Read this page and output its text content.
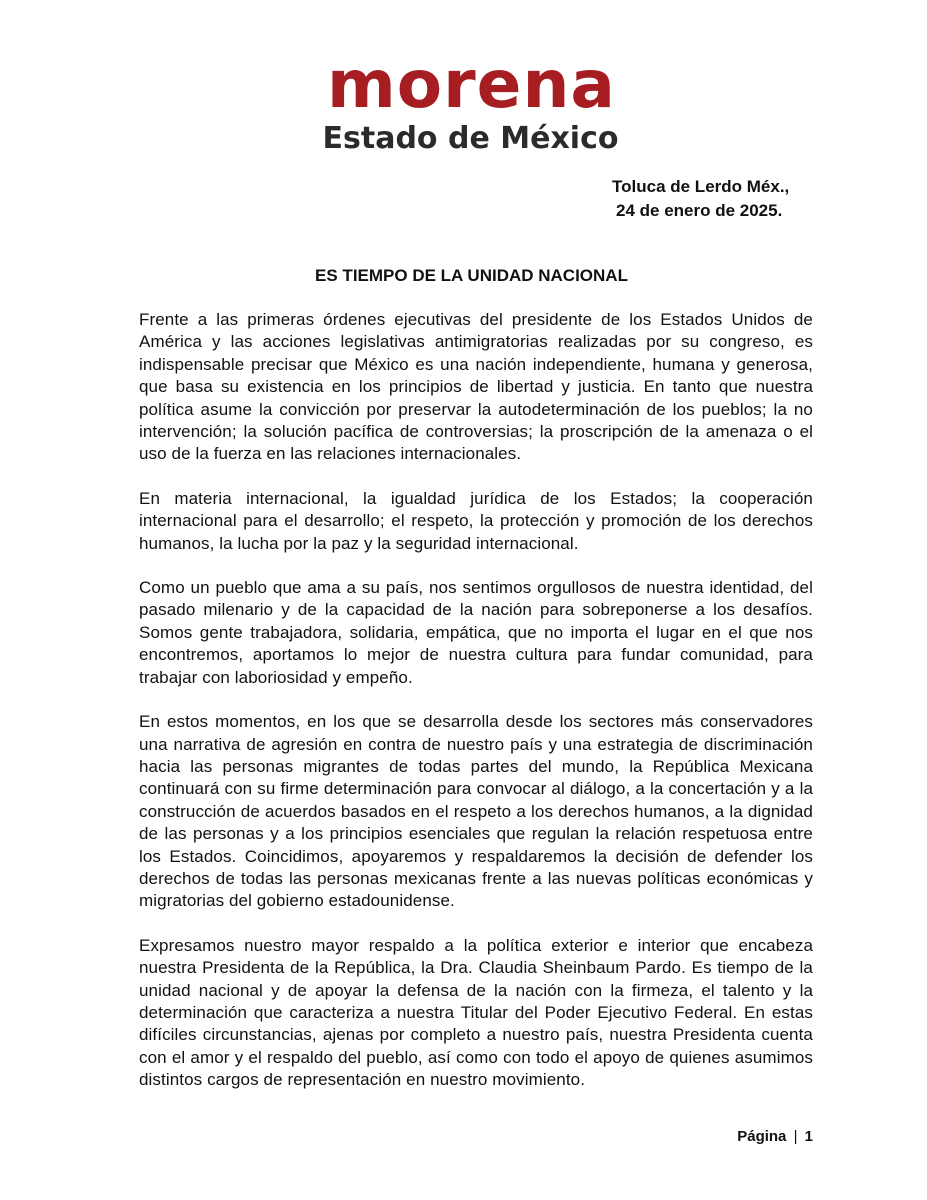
morena
Estado de México
Toluca de Lerdo Méx.,
24 de enero de 2025.
ES TIEMPO DE LA UNIDAD NACIONAL

Frente a las primeras órdenes ejecutivas del presidente de los Estados Unidos de América y las acciones legislativas antimigratorias realizadas por su congreso, es indispensable precisar que México es una nación independiente, humana y generosa, que basa su existencia en los principios de libertad y justicia. En tanto que nuestra política asume la convicción por preservar la autodeterminación de los pueblos; la no intervención; la solución pacífica de controversias; la proscripción de la amenaza o el uso de la fuerza en las relaciones internacionales.

En materia internacional, la igualdad jurídica de los Estados; la cooperación internacional para el desarrollo; el respeto, la protección y promoción de los derechos humanos, la lucha por la paz y la seguridad internacional.

Como un pueblo que ama a su país, nos sentimos orgullosos de nuestra identidad, del pasado milenario y de la capacidad de la nación para sobreponerse a los desafíos. Somos gente trabajadora, solidaria, empática, que no importa el lugar en el que nos encontremos, aportamos lo mejor de nuestra cultura para fundar comunidad, para trabajar con laboriosidad y empeño.

En estos momentos, en los que se desarrolla desde los sectores más conservadores una narrativa de agresión en contra de nuestro país y una estrategia de discriminación hacia las personas migrantes de todas partes del mundo, la República Mexicana continuará con su firme determinación para convocar al diálogo, a la concertación y a la construcción de acuerdos basados en el respeto a los derechos humanos, a la dignidad de las personas y a los principios esenciales que regulan la relación respetuosa entre los Estados. Coincidimos, apoyaremos y respaldaremos la decisión de defender los derechos de todas las personas mexicanas frente a las nuevas políticas económicas y migratorias del gobierno estadounidense.

Expresamos nuestro mayor respaldo a la política exterior e interior que encabeza nuestra Presidenta de la República, la Dra. Claudia Sheinbaum Pardo. Es tiempo de la unidad nacional y de apoyar la defensa de la nación con la firmeza, el talento y la determinación que caracteriza a nuestra Titular del Poder Ejecutivo Federal. En estas difíciles circunstancias, ajenas por completo a nuestro país, nuestra Presidenta cuenta con el amor y el respaldo del pueblo, así como con todo el apoyo de quienes asumimos distintos cargos de representación en nuestro movimiento.

Página | 1
